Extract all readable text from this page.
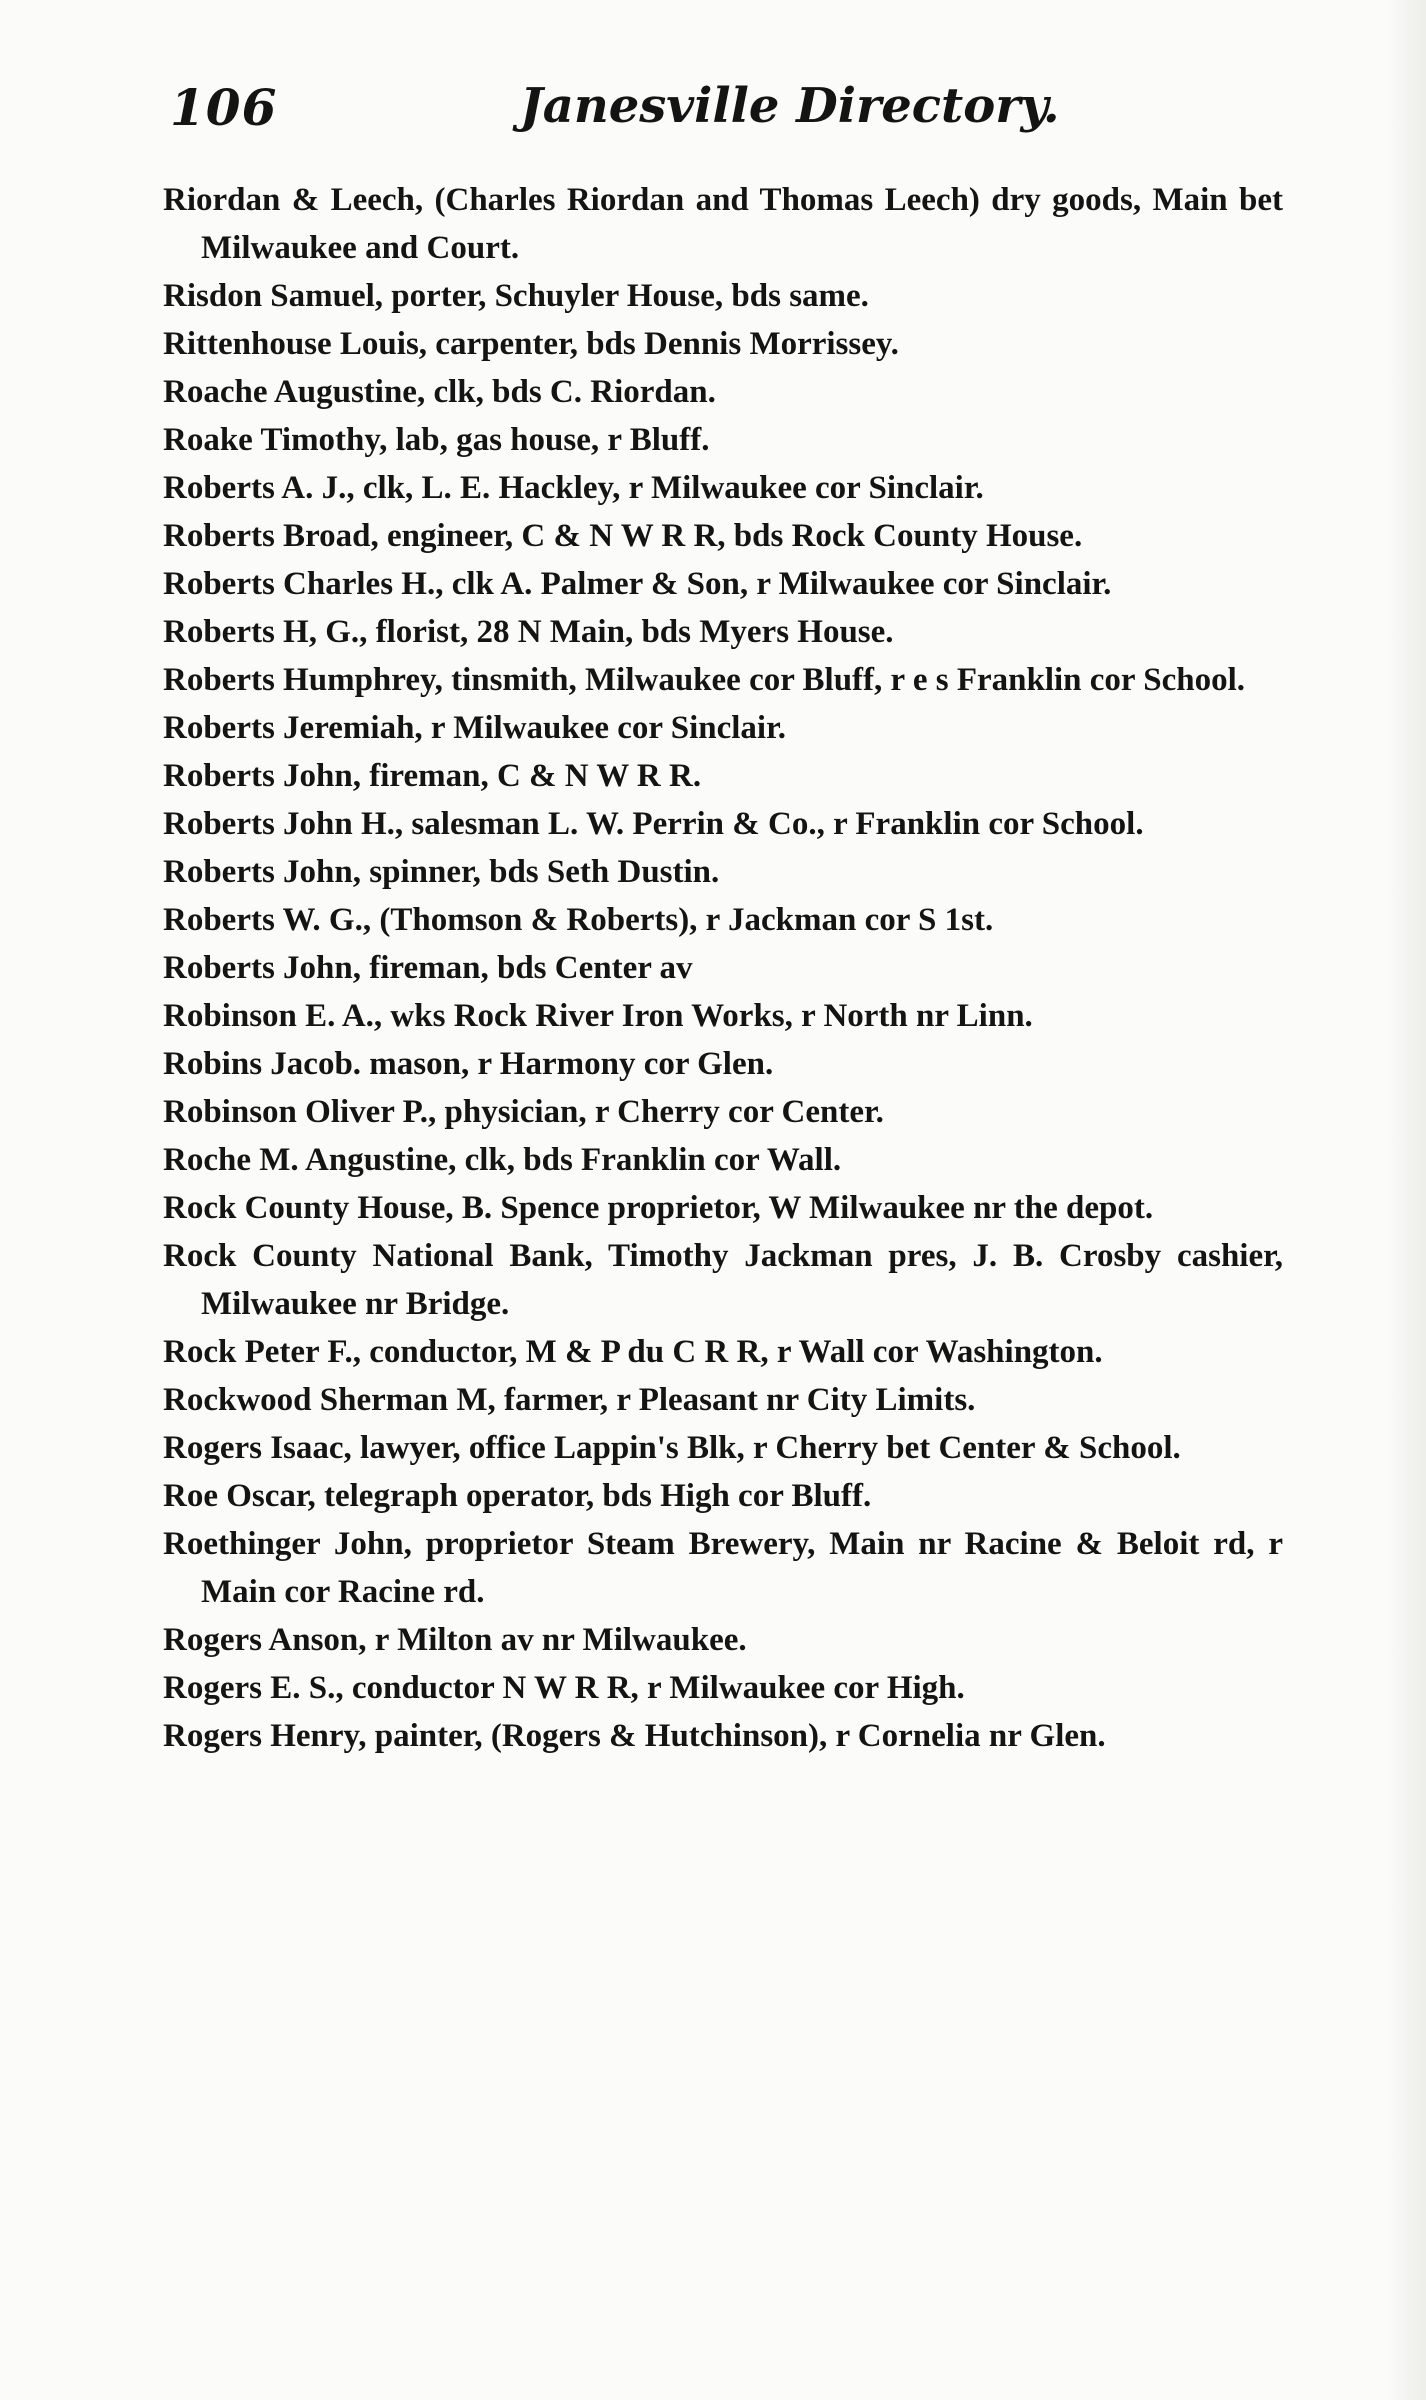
106	Janesville Directory.
Riordan & Leech, (Charles Riordan and Thomas Leech) dry goods, Main bet Milwaukee and Court.
Risdon Samuel, porter, Schuyler House, bds same.
Rittenhouse Louis, carpenter, bds Dennis Morrissey.
Roache Augustine, clk, bds C. Riordan.
Roake Timothy, lab, gas house, r Bluff.
Roberts A. J., clk, L. E. Hackley, r Milwaukee cor Sinclair.
Roberts Broad, engineer, C & N W R R, bds Rock County House.
Roberts Charles H., clk A. Palmer & Son, r Milwaukee cor Sinclair.
Roberts H, G., florist, 28 N Main, bds Myers House.
Roberts Humphrey, tinsmith, Milwaukee cor Bluff, r e s Franklin cor School.
Roberts Jeremiah, r Milwaukee cor Sinclair.
Roberts John, fireman, C & N W R R.
Roberts John H., salesman L. W. Perrin & Co., r Franklin cor School.
Roberts John, spinner, bds Seth Dustin.
Roberts W. G., (Thomson & Roberts), r Jackman cor S 1st.
Roberts John, fireman, bds Center av
Robinson E. A., wks Rock River Iron Works, r North nr Linn.
Robins Jacob. mason, r Harmony cor Glen.
Robinson Oliver P., physician, r Cherry cor Center.
Roche M. Angustine, clk, bds Franklin cor Wall.
Rock County House, B. Spence proprietor, W Milwaukee nr the depot.
Rock County National Bank, Timothy Jackman pres, J. B. Crosby cashier, Milwaukee nr Bridge.
Rock Peter F., conductor, M & P du C R R, r Wall cor Washington.
Rockwood Sherman M, farmer, r Pleasant nr City Limits.
Rogers Isaac, lawyer, office Lappin's Blk, r Cherry bet Center & School.
Roe Oscar, telegraph operator, bds High cor Bluff.
Roethinger John, proprietor Steam Brewery, Main nr Racine & Beloit rd, r Main cor Racine rd.
Rogers Anson, r Milton av nr Milwaukee.
Rogers E. S., conductor N W R R, r Milwaukee cor High.
Rogers Henry, painter, (Rogers & Hutchinson), r Cornelia nr Glen.
